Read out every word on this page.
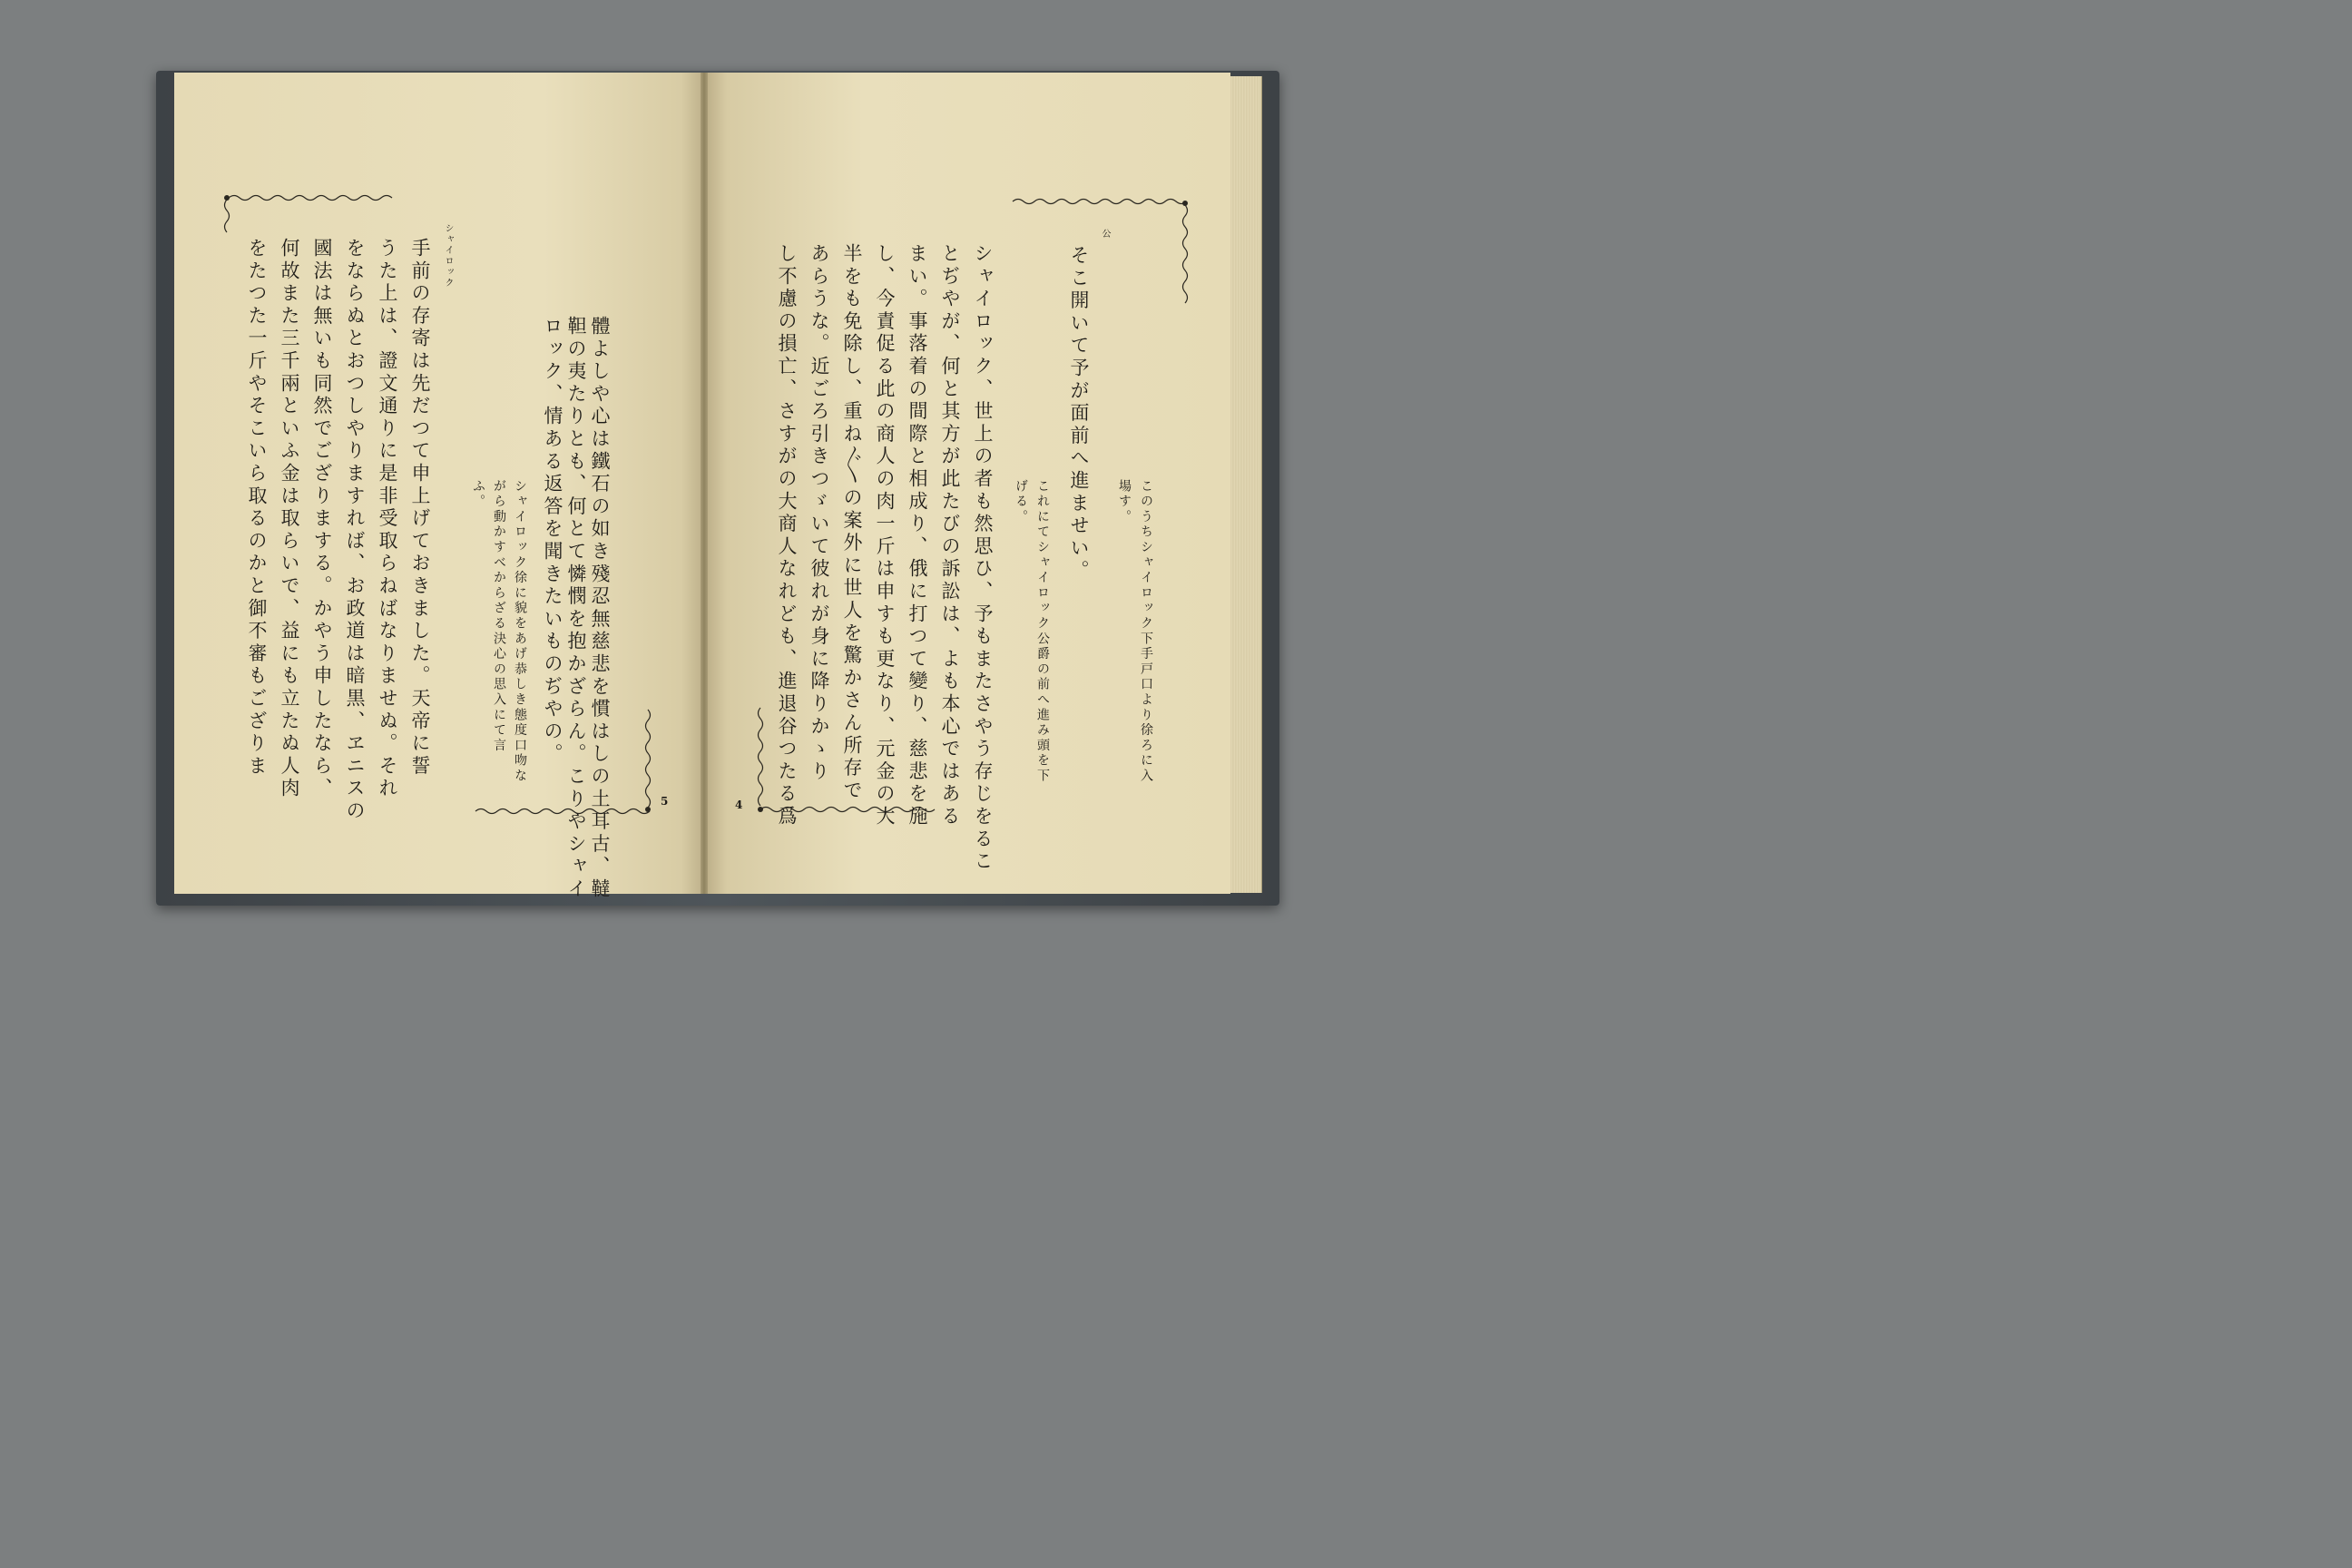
體よしや心は鐵石の如き殘忍無慈悲を慣はしの土耳古、韃
靼の夷たりとも、何とて憐憫を抱かざらん。こりやシャイ
ロック、情ある返答を聞きたいものぢやの。
シャイロック徐に貌をあげ恭しき態度口吻な
がら動かすべからざる決心の思入にて言
ふ。
シャイロック
手前の存寄は先だつて申上げておきました。天帝に誓
うた上は、證文通りに是非受取らねばなりませぬ。それ
をならぬとおつしやりますれば、お政道は暗黒、ヱニスの
國法は無いも同然でござりまする。かやう申したなら、
何故また三千兩といふ金は取らいで、益にも立たぬ人肉
をたつた一斤やそこいら取るのかと御不審もござりま
5
公
このうちシャイロック下手戸口より徐ろに入
場す。
そこ開いて予が面前へ進ませい。
これにてシャイロック公爵の前へ進み頭を下
げる。
シャイロック、世上の者も然思ひ、予もまたさやう存じをるこ
とぢやが、何と其方が此たびの訴訟は、よも本心ではある
まい。事落着の間際と相成り、俄に打つて變り、慈悲を施
し、今責促る此の商人の肉一斤は申すも更なり、元金の大
半をも免除し、重ね〲の案外に世人を驚かさん所存で
あらうな。近ごろ引きつゞいて彼れが身に降りかゝり
し不慮の損亡、さすがの大商人なれども、進退谷つたる爲
4
